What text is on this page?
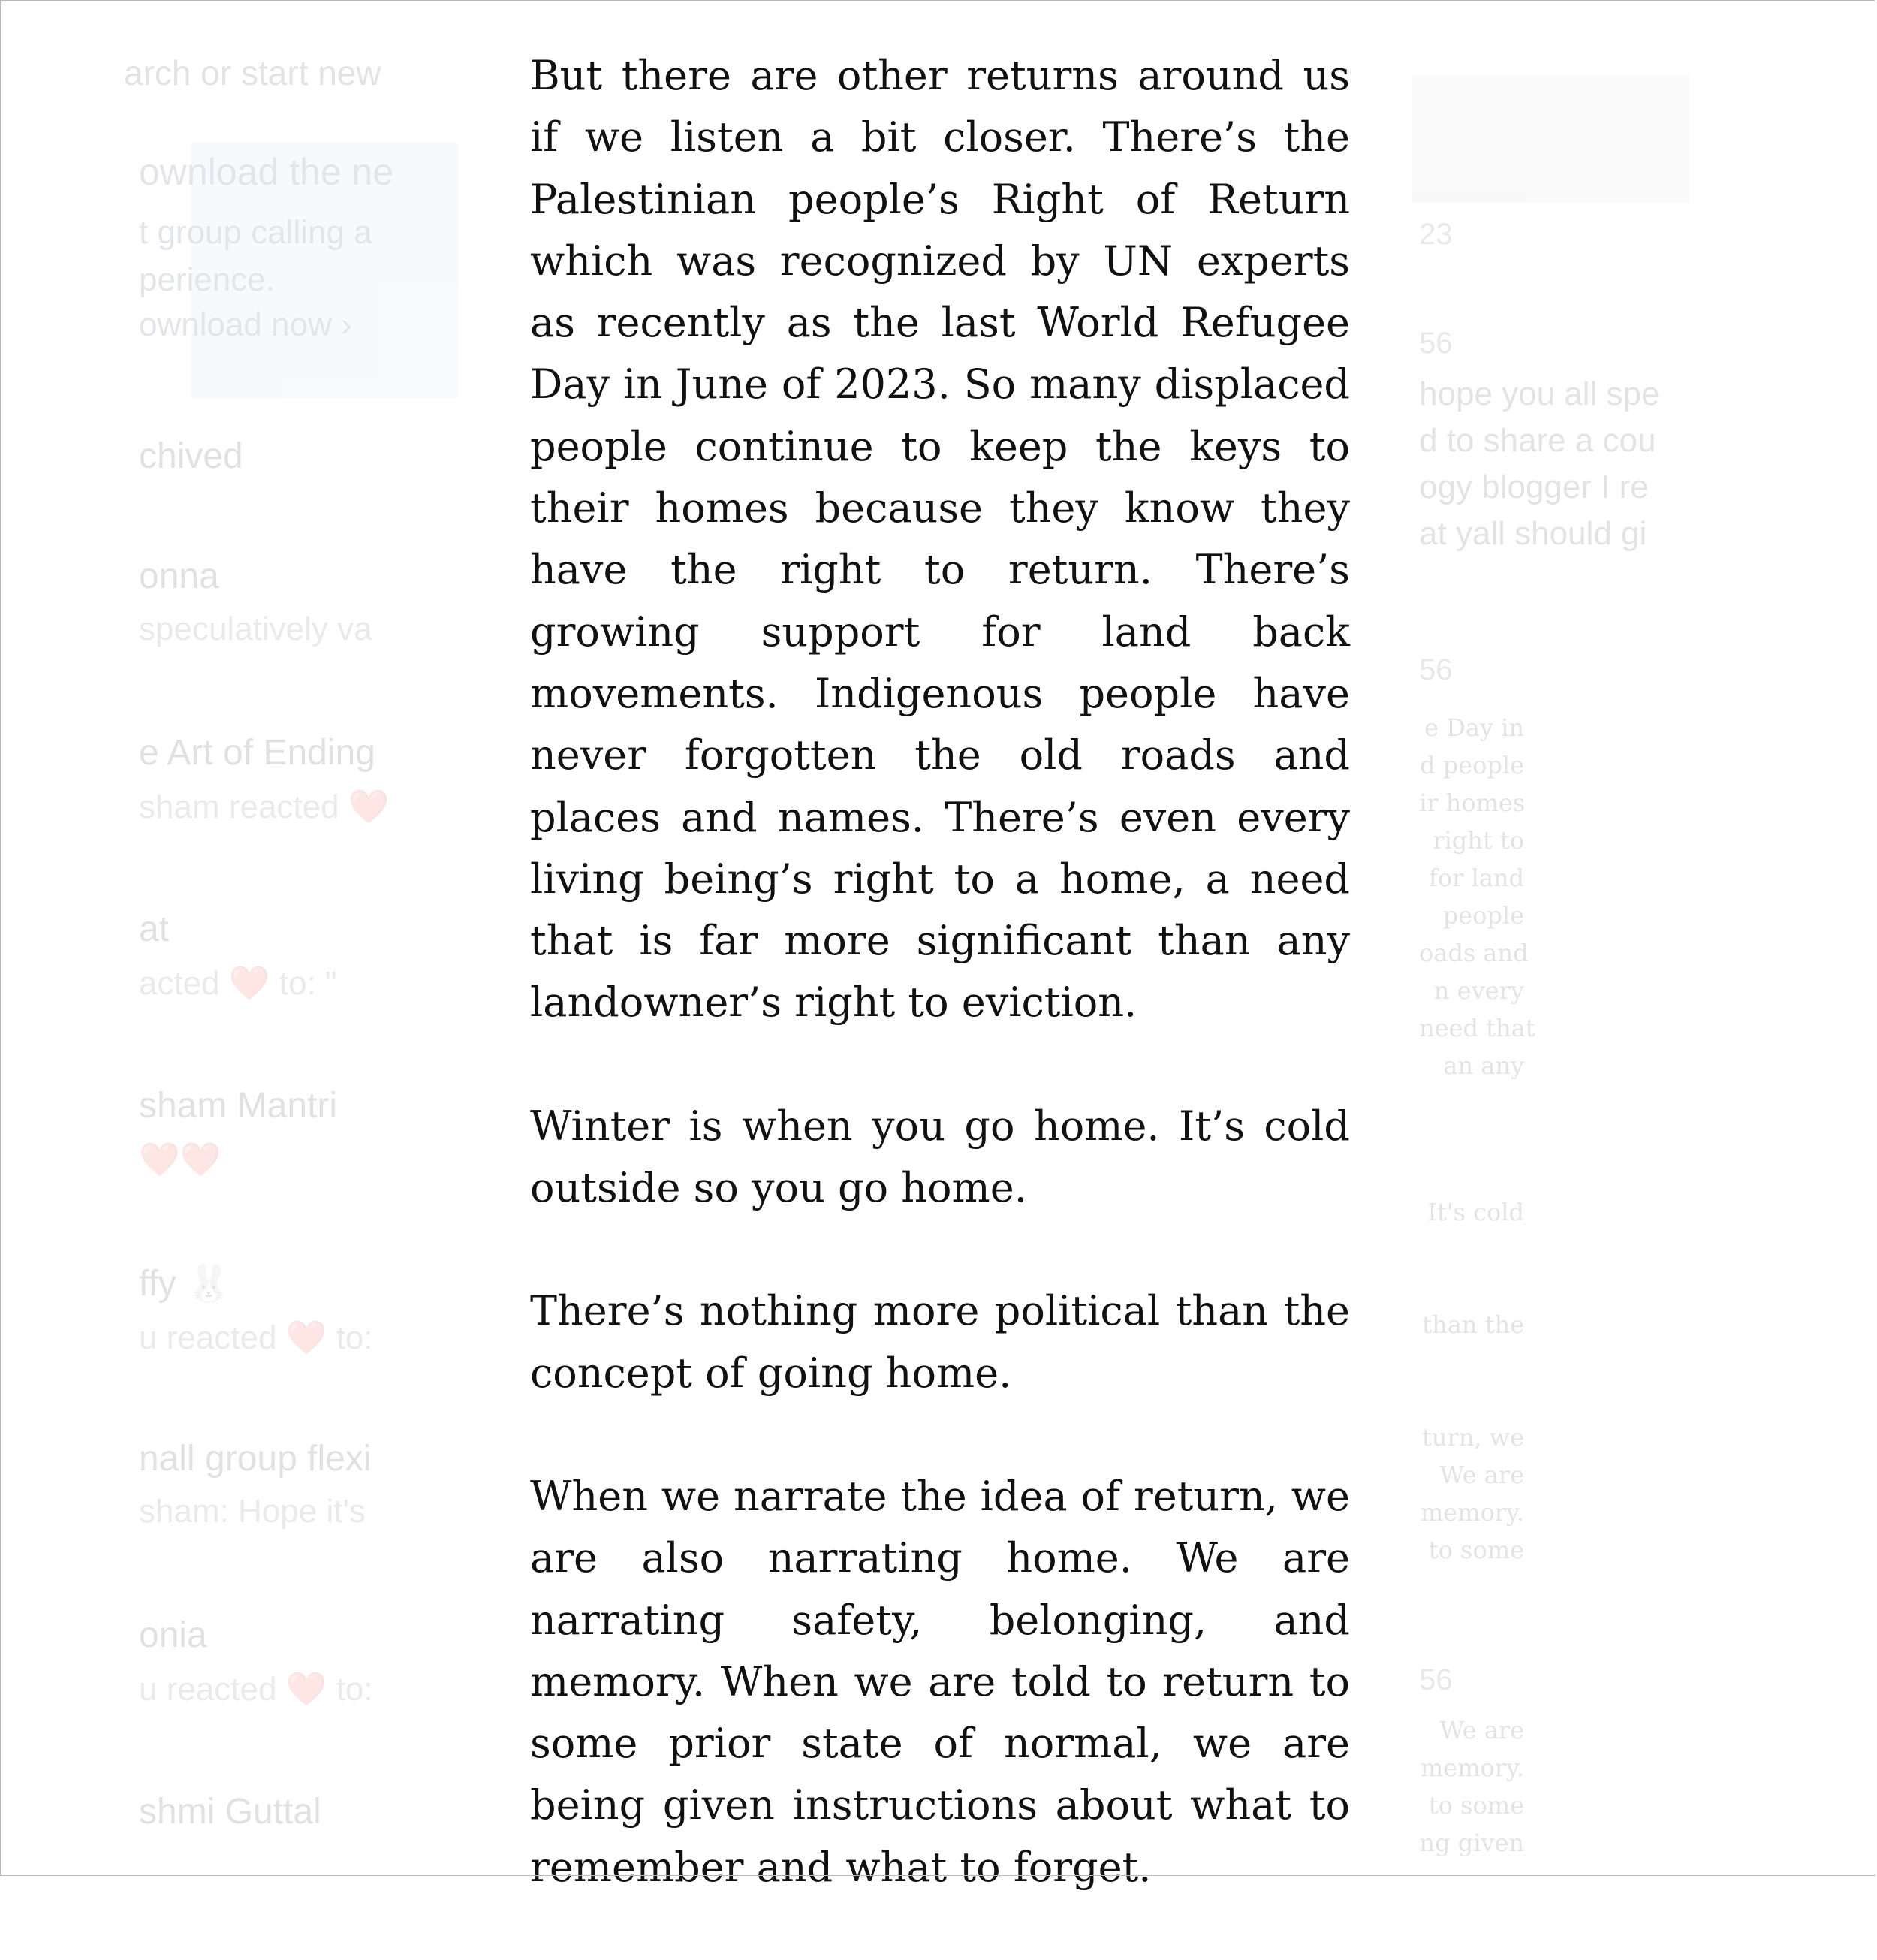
arch or start new
ownload the ne
t group calling a
perience.
ownload now ›
chived
onna
speculatively va
e Art of Ending
sham reacted ❤️
at
acted ❤️ to: "
sham Mantri
❤️❤️
ffy 🐰
u reacted ❤️ to:
nall group flexi
sham: Hope it's
onia
u reacted ❤️ to:
shmi Guttal
23
56
hope you all spe
d to share a cou
ogy blogger I re
at yall should gi
56
e Day in
d people
ir homes
right to
for land
people
oads and
n every
need that
an any
It's cold
than the
turn, we
We are
memory.
to some
56
We are
memory.
to some
ng given

But there are other returns around us if we listen a bit closer. There’s the Palestinian people’s Right of Return which was recognized by UN experts as recently as the last World Refugee Day in June of 2023. So many displaced people continue to keep the keys to their homes because they know they have the right to return. There’s growing support for land back movements. Indigenous people have never forgotten the old roads and places and names. There’s even every living being’s right to a home, a need that is far more significant than any landowner’s right to eviction.

Winter is when you go home. It’s cold outside so you go home.

There’s nothing more political than the concept of going home.

When we narrate the idea of return, we are also narrating home. We are narrating safety, belonging, and memory. When we are told to return to some prior state of normal, we are being given instructions about what to remember and what to forget.
